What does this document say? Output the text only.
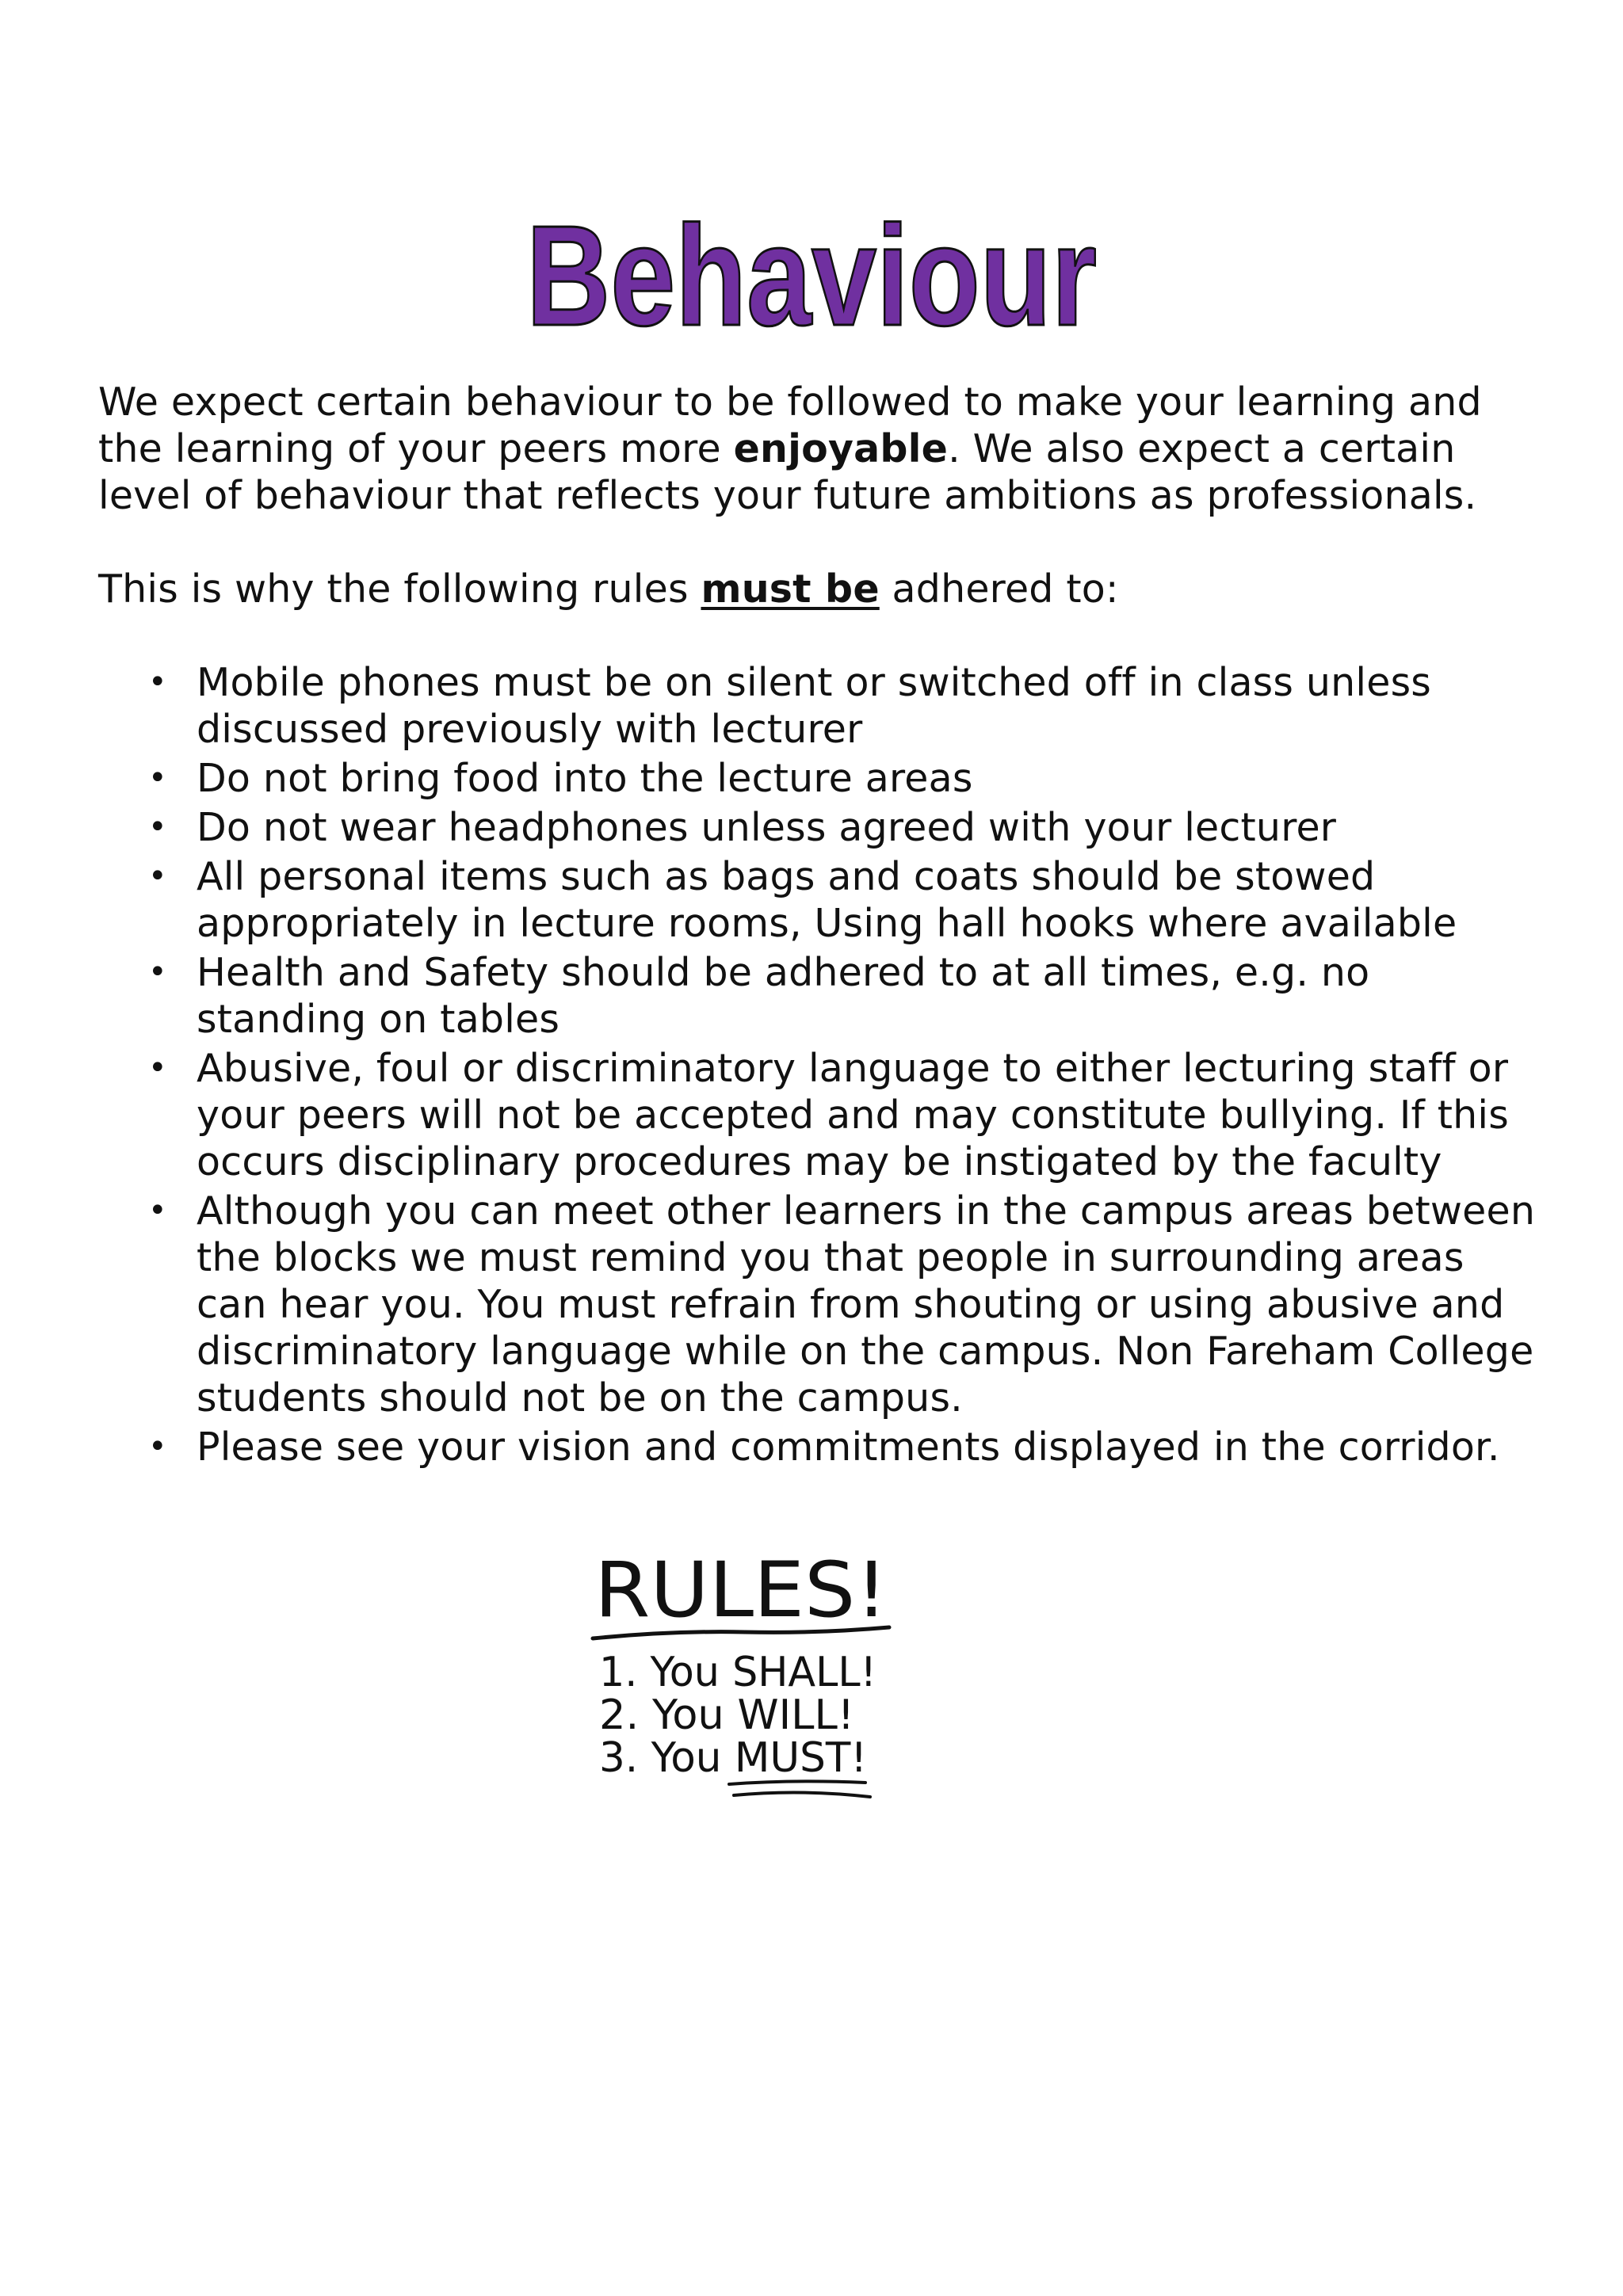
Behaviour

We expect certain behaviour to be followed to make your learning and the learning of your peers more enjoyable. We also expect a certain level of behaviour that reflects your future ambitions as professionals.

This is why the following rules must be adhered to:

• Mobile phones must be on silent or switched off in class unless discussed previously with lecturer
• Do not bring food into the lecture areas
• Do not wear headphones unless agreed with your lecturer
• All personal items such as bags and coats should be stowed appropriately in lecture rooms, Using hall hooks where available
• Health and Safety should be adhered to at all times, e.g. no standing on tables
• Abusive, foul or discriminatory language to either lecturing staff or your peers will not be accepted and may constitute bullying. If this occurs disciplinary procedures may be instigated by the faculty
• Although you can meet other learners in the campus areas between the blocks we must remind you that people in surrounding areas can hear you. You must refrain from shouting or using abusive and discriminatory language while on the campus. Non Fareham College students should not be on the campus.
• Please see your vision and commitments displayed in the corridor.
RULES!
1. You SHALL!
2. You WILL!
3. You MUST!
